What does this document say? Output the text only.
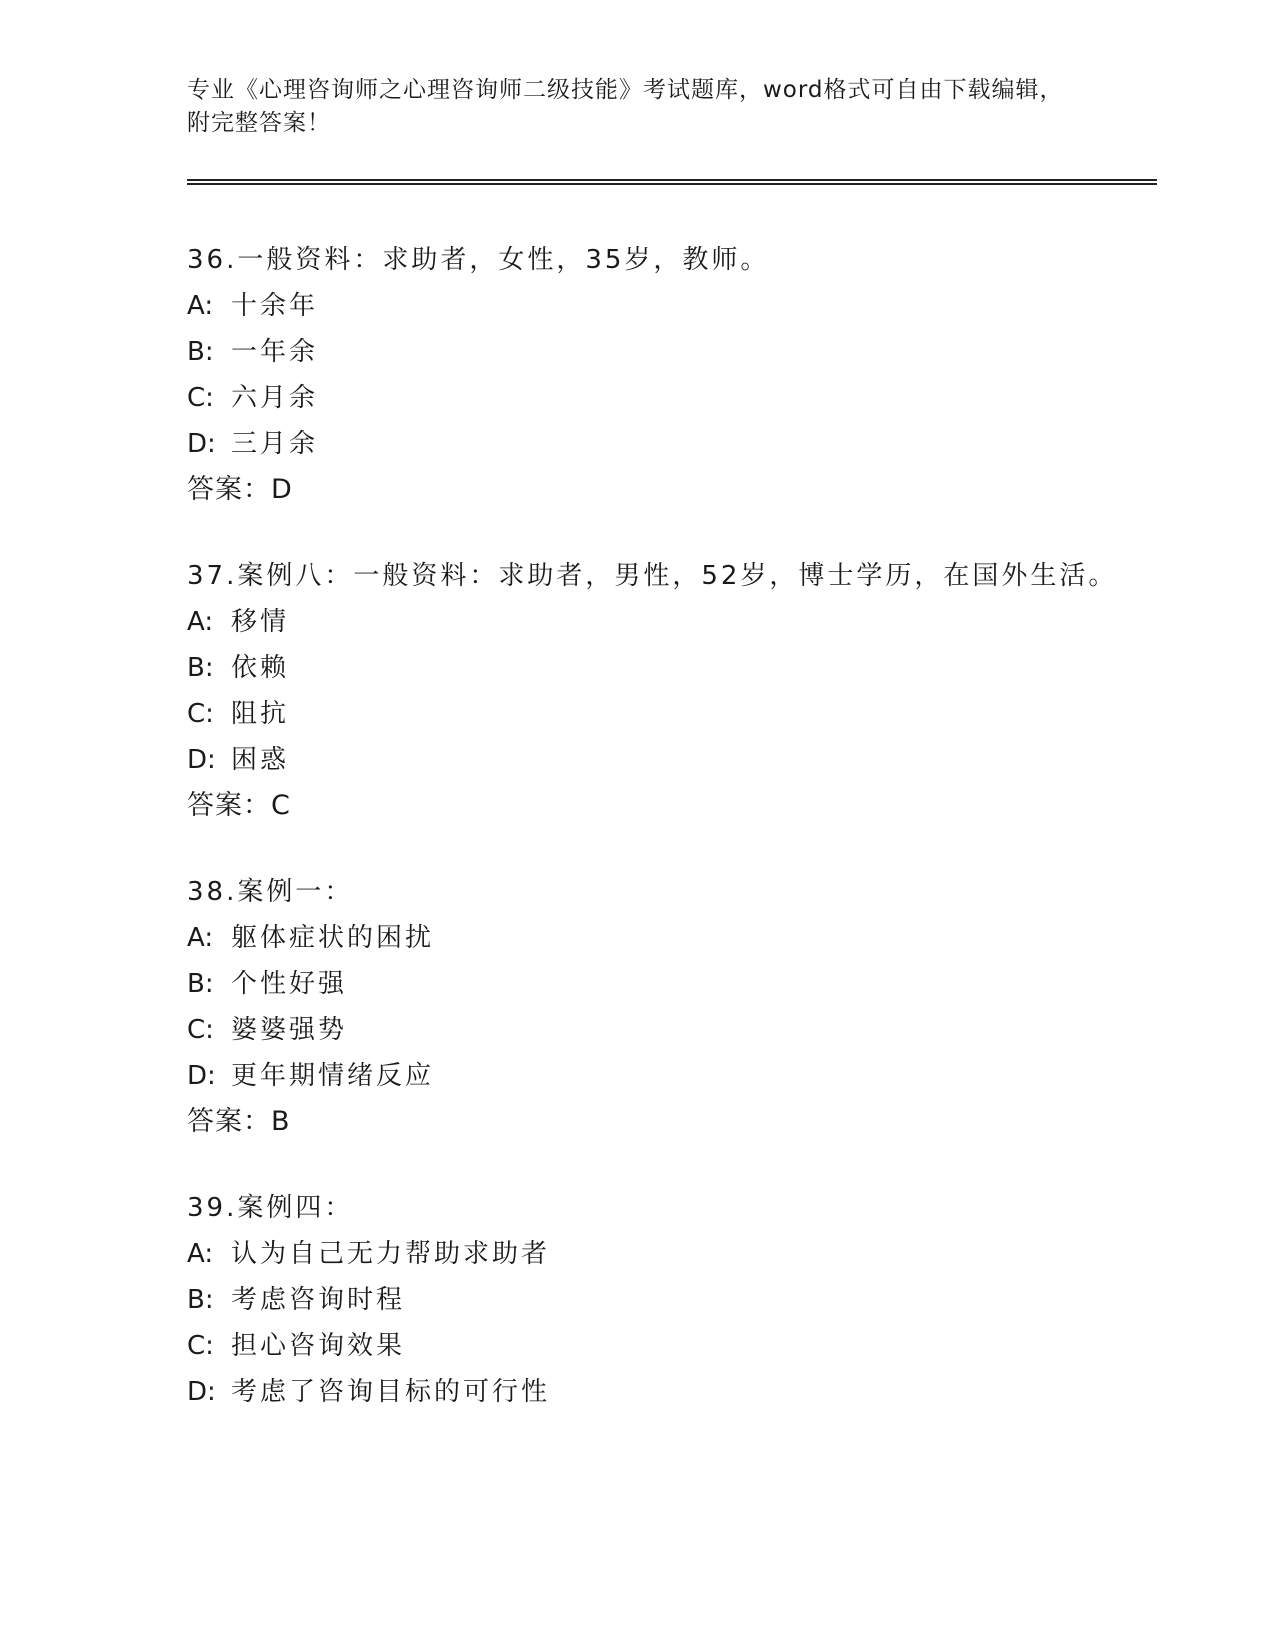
专业《心理咨询师之心理咨询师二级技能》考试题库，word格式可自由下载编辑，附完整答案！

36.一般资料：求助者，女性，35岁，教师。

A: 十余年

B: 一年余

C: 六月余

D: 三月余

答案：D

37.案例八：一般资料：求助者，男性，52岁，博士学历，在国外生活。

A: 移情

B: 依赖

C: 阻抗

D: 困惑

答案：C

38.案例一：

A: 躯体症状的困扰

B: 个性好强

C: 婆婆强势

D: 更年期情绪反应

答案：B

39.案例四：

A: 认为自己无力帮助求助者

B: 考虑咨询时程

C: 担心咨询效果

D: 考虑了咨询目标的可行性
